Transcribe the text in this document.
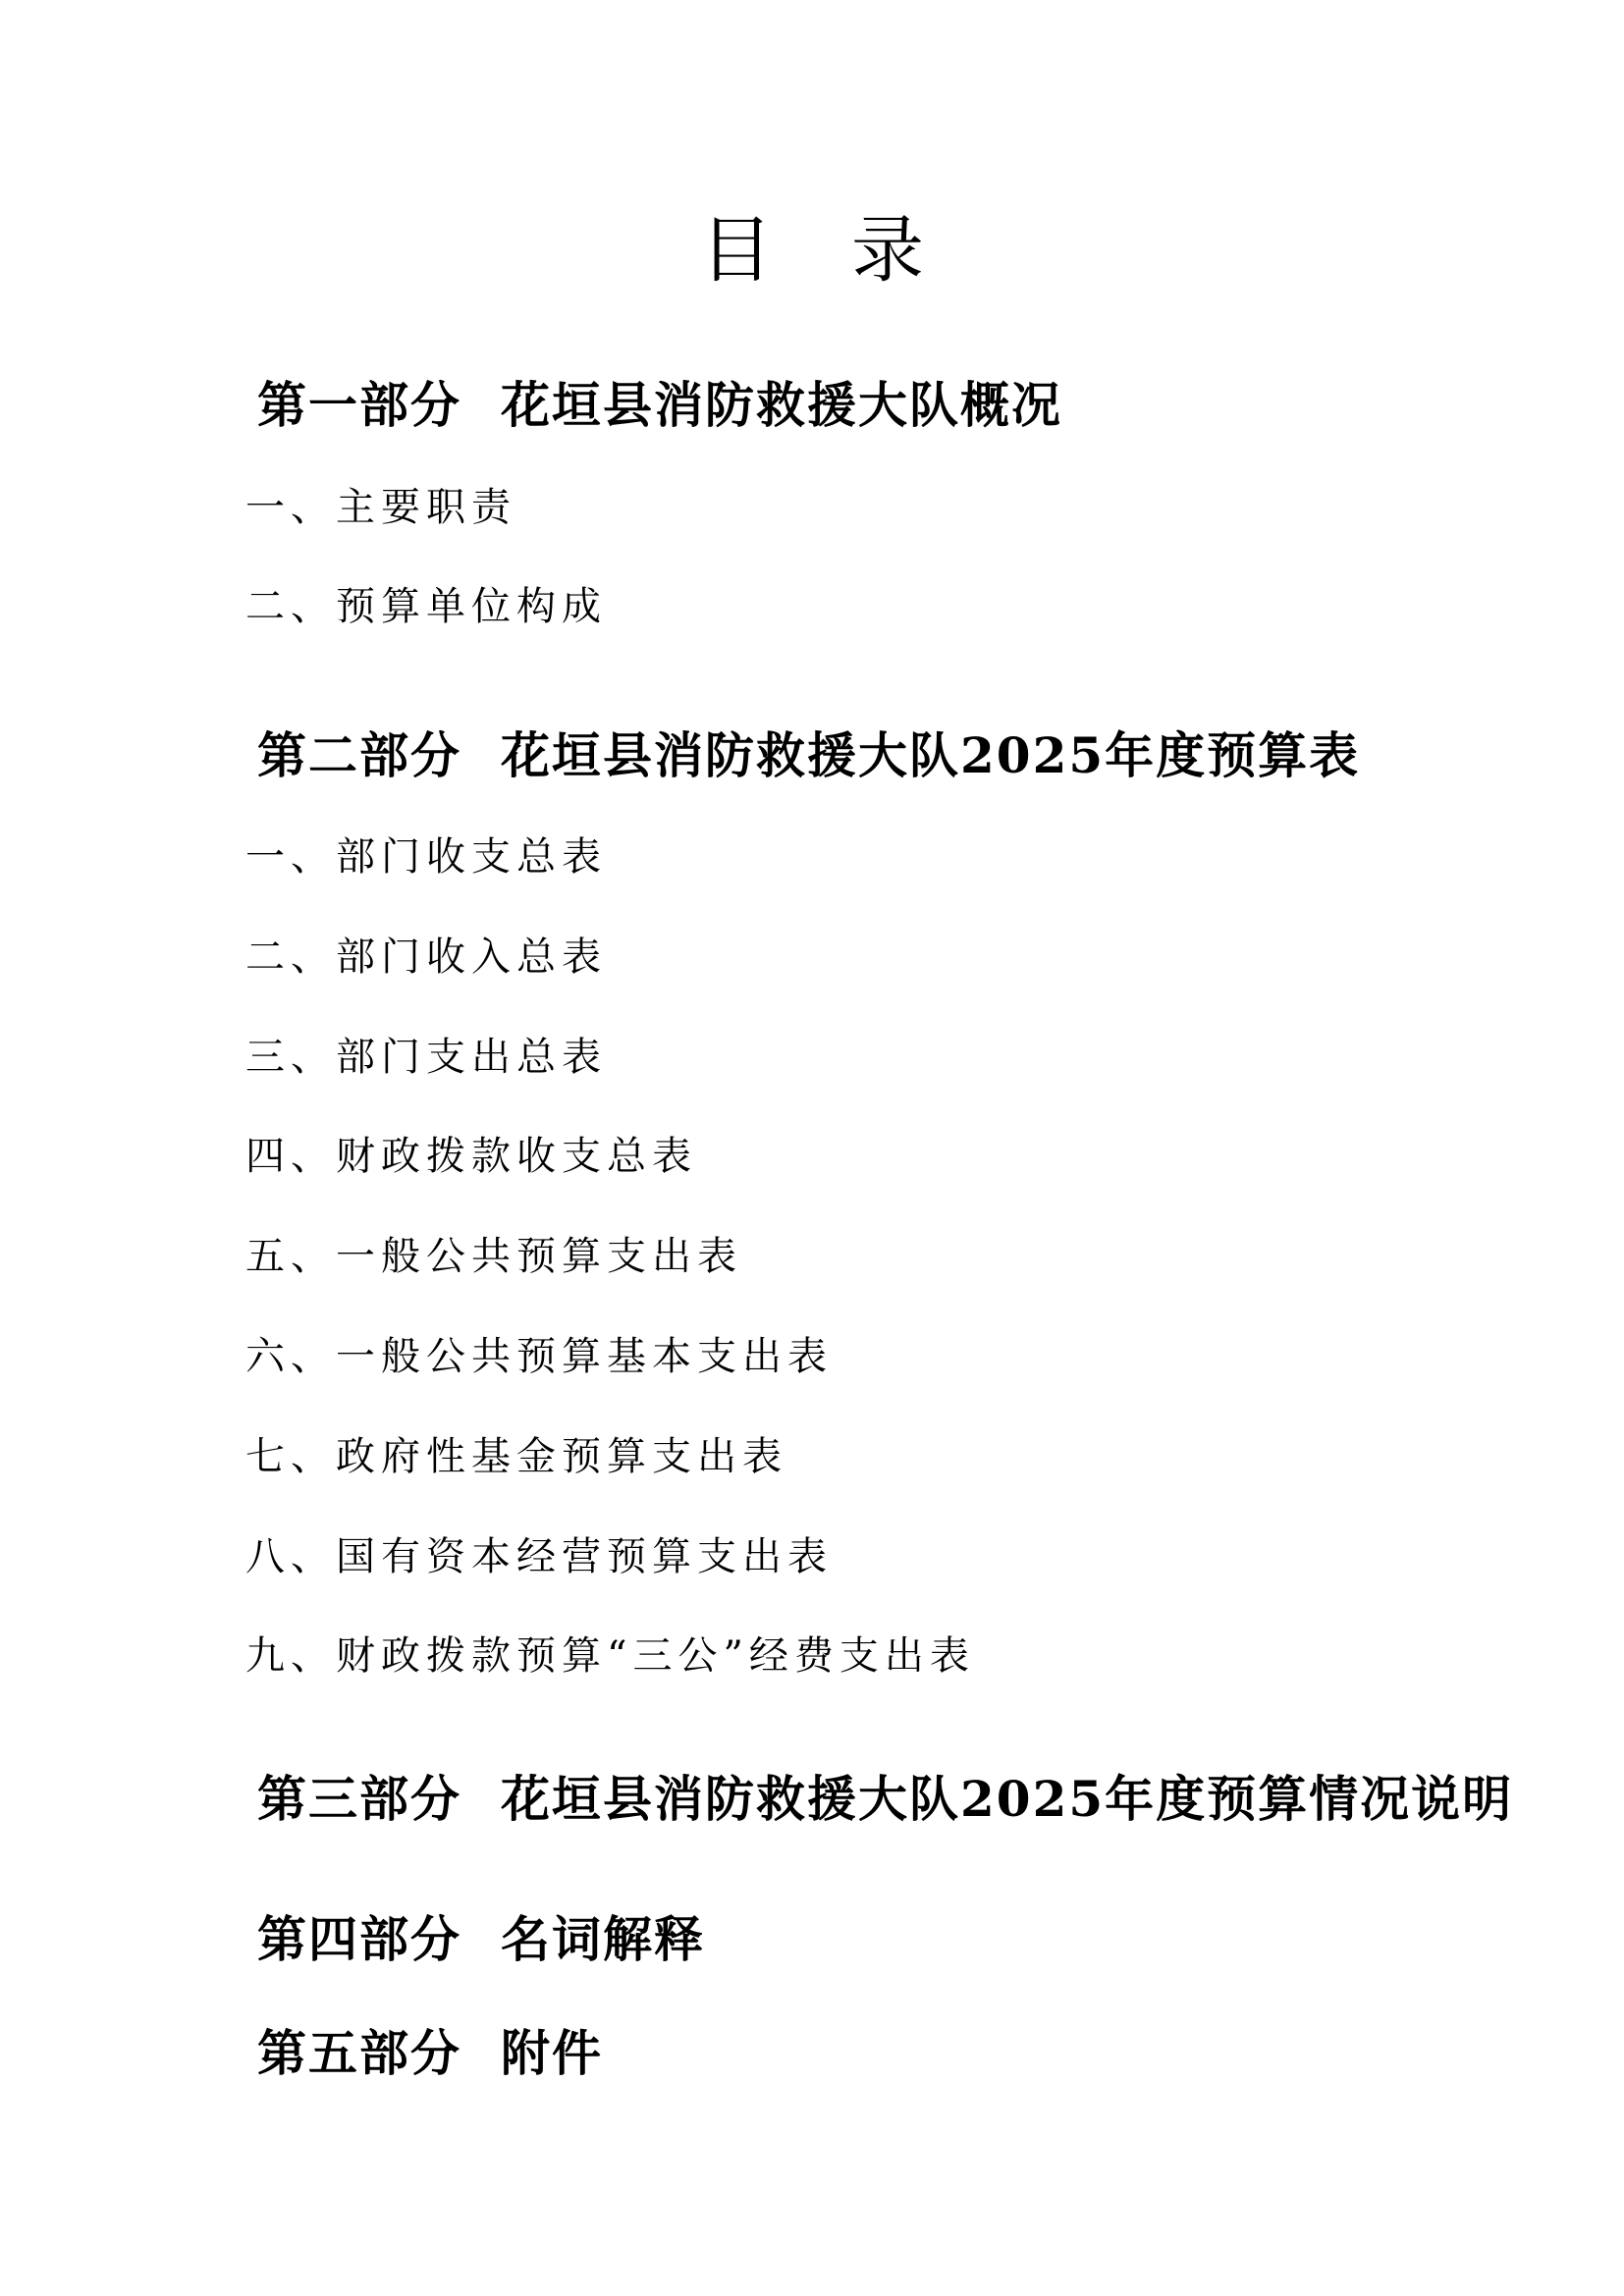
目录
第一部分 花垣县消防救援大队概况
一、主要职责
二、预算单位构成
第二部分 花垣县消防救援大队2025年度预算表
一、部门收支总表
二、部门收入总表
三、部门支出总表
四、财政拨款收支总表
五、一般公共预算支出表
六、一般公共预算基本支出表
七、政府性基金预算支出表
八、国有资本经营预算支出表
九、财政拨款预算“三公”经费支出表
第三部分 花垣县消防救援大队2025年度预算情况说明
第四部分 名词解释
第五部分 附件
